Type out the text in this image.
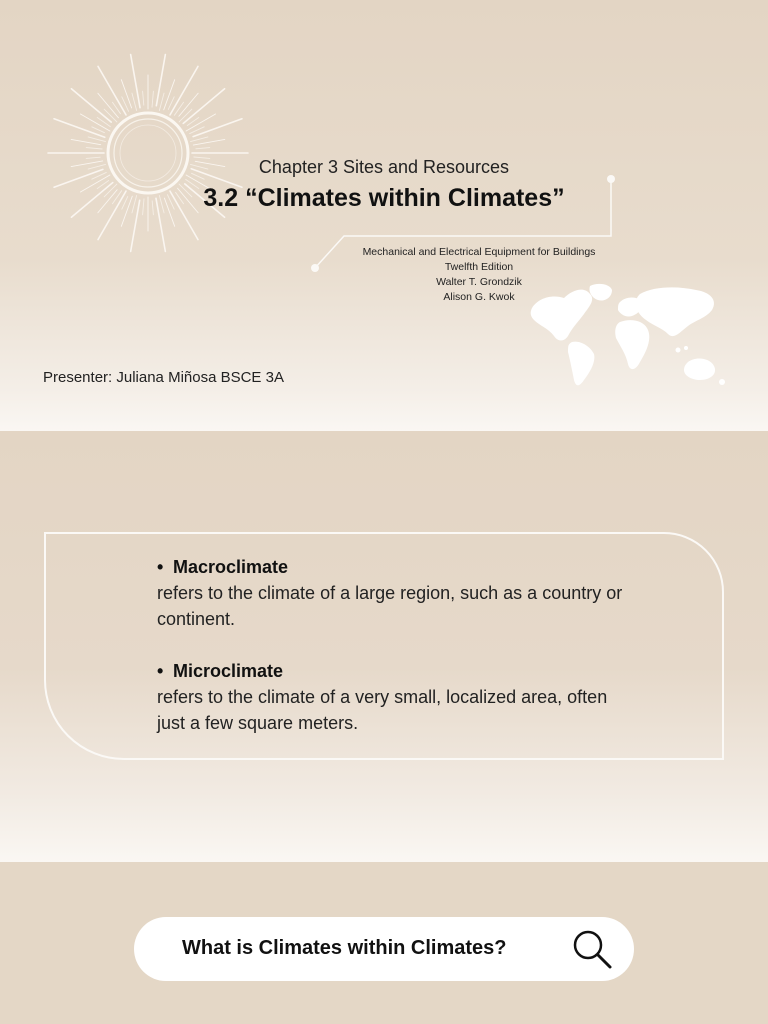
Chapter 3 Sites and Resources
3.2 “Climates within Climates”
Mechanical and Electrical Equipment for Buildings
Twelfth Edition
Walter T. Grondzik
Alison G. Kwok
Presenter: Juliana Miñosa BSCE 3A
• Macroclimate
refers to the climate of a large region, such as a country or continent.
• Microclimate
refers to the climate of a very small, localized area, often just a few square meters.
What is Climates within Climates?
